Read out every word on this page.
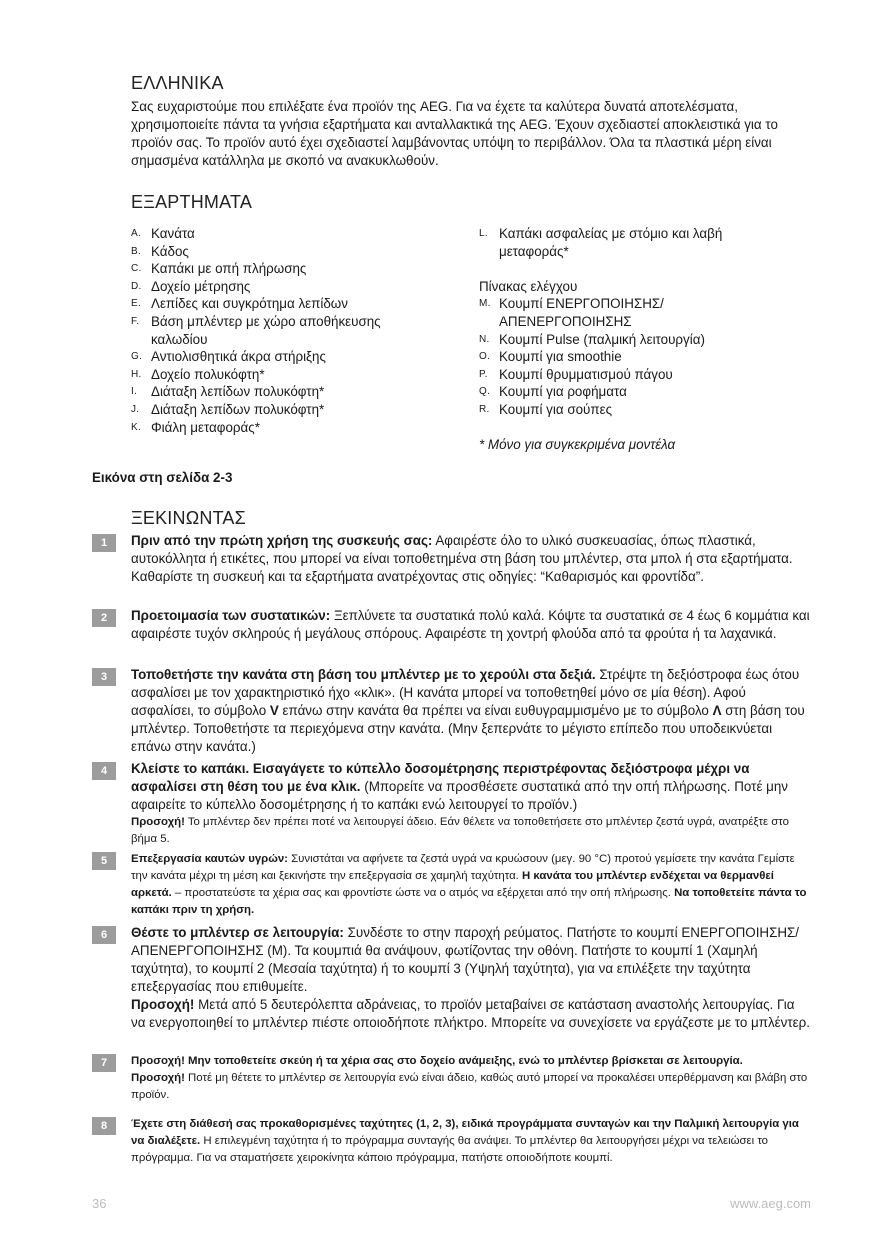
ΕΛΛΗΝΙΚΑ
Σας ευχαριστούμε που επιλέξατε ένα προϊόν της AEG. Για να έχετε τα καλύτερα δυνατά αποτελέσματα, χρησιμοποιείτε πάντα τα γνήσια εξαρτήματα και ανταλλακτικά της AEG. Έχουν σχεδιαστεί αποκλειστικά για το προϊόν σας. Το προϊόν αυτό έχει σχεδιαστεί λαμβάνοντας υπόψη το περιβάλλον. Όλα τα πλαστικά μέρη είναι σημασμένα κατάλληλα με σκοπό να ανακυκλωθούν.
ΕΞΑΡΤΗΜΑΤΑ
A. Κανάτα
B. Κάδος
C. Καπάκι με οπή πλήρωσης
D. Δοχείο μέτρησης
E. Λεπίδες και συγκρότημα λεπίδων
F. Βάση μπλέντερ με χώρο αποθήκευσης καλωδίου
G. Αντιολισθητικά άκρα στήριξης
H. Δοχείο πολυκόφτη*
I. Διάταξη λεπίδων πολυκόφτη*
J. Διάταξη λεπίδων πολυκόφτη*
K. Φιάλη μεταφοράς*
L. Καπάκι ασφαλείας με στόμιο και λαβή μεταφοράς*
Πίνακας ελέγχου
M. Κουμπί ΕΝΕΡΓΟΠΟΙΗΣΗΣ/ ΑΠΕΝΕΡΓΟΠΟΙΗΣΗΣ
N. Κουμπί Pulse (παλμική λειτουργία)
O. Κουμπί για smoothie
P. Κουμπί θρυμματισμού πάγου
Q. Κουμπί για ροφήματα
R. Κουμπί για σούπες
* Μόνο για συγκεκριμένα μοντέλα
Εικόνα στη σελίδα 2-3
ΞΕΚΙΝΩΝΤΑΣ
1	Πριν από την πρώτη χρήση της συσκευής σας: Αφαιρέστε όλο το υλικό συσκευασίας, όπως πλαστικά, αυτοκόλλητα ή ετικέτες, που μπορεί να είναι τοποθετημένα στη βάση του μπλέντερ, στα μπολ ή στα εξαρτήματα.

Καθαρίστε τη συσκευή και τα εξαρτήματα ανατρέχοντας στις οδηγίες: “Καθαρισμός και φροντίδα”.

2	Προετοιμασία των συστατικών: Ξεπλύνετε τα συστατικά πολύ καλά. Κόψτε τα συστατικά σε 4 έως 6 κομμάτια και αφαιρέστε τυχόν σκληρούς ή μεγάλους σπόρους. Αφαιρέστε τη χοντρή φλούδα από τα φρούτα ή τα λαχανικά.

3	Τοποθετήστε την κανάτα στη βάση του μπλέντερ με το χερούλι στα δεξιά. Στρέψτε τη δεξιόστροφα έως ότου ασφαλίσει με τον χαρακτηριστικό ήχο «κλικ». (Η κανάτα μπορεί να τοποθετηθεί μόνο σε μία θέση). Αφού ασφαλίσει, το σύμβολο V επάνω στην κανάτα θα πρέπει να είναι ευθυγραμμισμένο με το σύμβολο Λ στη βάση του μπλέντερ. Τοποθετήστε τα περιεχόμενα στην κανάτα. (Μην ξεπερνάτε το μέγιστο επίπεδο που υποδεικνύεται επάνω στην κανάτα.)

4	Κλείστε το καπάκι. Εισαγάγετε το κύπελλο δοσομέτρησης περιστρέφοντας δεξιόστροφα μέχρι να ασφαλίσει στη θέση του με ένα κλικ. (Μπορείτε να προσθέσετε συστατικά από την οπή πλήρωσης. Ποτέ μην αφαιρείτε το κύπελλο δοσομέτρησης ή το καπάκι ενώ λειτουργεί το προϊόν.)

Προσοχή! Το μπλέντερ δεν πρέπει ποτέ να λειτουργεί άδειο. Εάν θέλετε να τοποθετήσετε στο μπλέντερ ζεστά υγρά, ανατρέξτε στο βήμα 5.

5	Επεξεργασία καυτών υγρών: Συνιστάται να αφήνετε τα ζεστά υγρά να κρυώσουν (μεγ. 90 °C) προτού γεμίσετε την κανάτα Γεμίστε την κανάτα μέχρι τη μέση και ξεκινήστε την επεξεργασία σε χαμηλή ταχύτητα. Η κανάτα του μπλέντερ ενδέχεται να θερμανθεί αρκετά. – προστατεύστε τα χέρια σας και φροντίστε ώστε να ο ατμός να εξέρχεται από την οπή πλήρωσης. Να τοποθετείτε πάντα το καπάκι πριν τη χρήση.

6	Θέστε το μπλέντερ σε λειτουργία: Συνδέστε το στην παροχή ρεύματος. Πατήστε το κουμπί ΕΝΕΡΓΟΠΟΙΗΣΗΣ/ΑΠΕΝΕΡΓΟΠΟΙΗΣΗΣ (M). Τα κουμπιά θα ανάψουν, φωτίζοντας την οθόνη. Πατήστε το κουμπί 1 (Χαμηλή ταχύτητα), το κουμπί 2 (Μεσαία ταχύτητα) ή το κουμπί 3 (Υψηλή ταχύτητα), για να επιλέξετε την ταχύτητα επεξεργασίας που επιθυμείτε.

Προσοχή! Μετά από 5 δευτερόλεπτα αδράνειας, το προϊόν μεταβαίνει σε κατάσταση αναστολής λειτουργίας. Για να ενεργοποιηθεί το μπλέντερ πιέστε οποιοδήποτε πλήκτρο. Μπορείτε να συνεχίσετε να εργάζεστε με το μπλέντερ.

7	Προσοχή! Μην τοποθετείτε σκεύη ή τα χέρια σας στο δοχείο ανάμειξης, ενώ το μπλέντερ βρίσκεται σε λειτουργία.

Προσοχή! Ποτέ μη θέτετε το μπλέντερ σε λειτουργία ενώ είναι άδειο, καθώς αυτό μπορεί να προκαλέσει υπερθέρμανση και βλάβη στο προϊόν.

8	Έχετε στη διάθεσή σας προκαθορισμένες ταχύτητες (1, 2, 3), ειδικά προγράμματα συνταγών και την Παλμική λειτουργία για να διαλέξετε. Η επιλεγμένη ταχύτητα ή το πρόγραμμα συνταγής θα ανάψει. Το μπλέντερ θα λειτουργήσει μέχρι να τελειώσει το πρόγραμμα. Για να σταματήσετε χειροκίνητα κάποιο πρόγραμμα, πατήστε οποιοδήποτε κουμπί.

36	www.aeg.com
